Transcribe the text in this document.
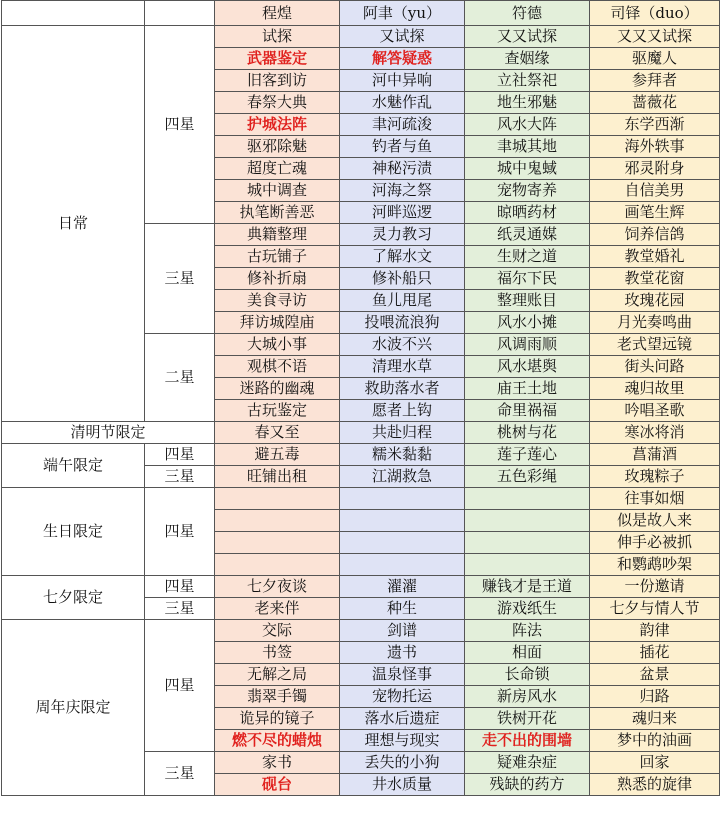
		程煌	阿聿（yu）	符德	司铎（duo）
日常	四星	试探	又试探	又又试探	又又又试探
		武器鉴定	解答疑惑	查姻缘	驱魔人
		旧客到访	河中异响	立社祭祀	参拜者
		春祭大典	水魅作乱	地生邪魅	蔷薇花
		护城法阵	聿河疏浚	风水大阵	东学西渐
		驱邪除魅	钓者与鱼	聿城其地	海外轶事
		超度亡魂	神秘污渍	城中鬼蜮	邪灵附身
		城中调查	河海之祭	宠物寄养	自信美男
		执笔断善恶	河畔巡逻	晾晒药材	画笔生辉
	三星	典籍整理	灵力教习	纸灵通媒	饲养信鸽
		古玩铺子	了解水文	生财之道	教堂婚礼
		修补折扇	修补船只	福尔下民	教堂花窗
		美食寻访	鱼儿甩尾	整理账目	玫瑰花园
		拜访城隍庙	投喂流浪狗	风水小摊	月光奏鸣曲
	二星	大城小事	水波不兴	风调雨顺	老式望远镜
		观棋不语	清理水草	风水堪舆	街头问路
		迷路的幽魂	救助落水者	庙王土地	魂归故里
		古玩鉴定	愿者上钩	命里祸福	吟唱圣歌
清明节限定		春又至	共赴归程	桃树与花	寒冰将消
端午限定	四星	避五毒	糯米黏黏	莲子莲心	菖蒲酒
	三星	旺铺出租	江湖救急	五色彩绳	玫瑰粽子
生日限定	四星				往事如烟
					似是故人来
					伸手必被抓
					和鹦鹉吵架
七夕限定	四星	七夕夜谈	濯濯	赚钱才是王道	一份邀请
	三星	老来伴	种生	游戏纸生	七夕与情人节
周年庆限定	四星	交际	剑谱	阵法	韵律
		书签	遗书	相面	插花
		无解之局	温泉怪事	长命锁	盆景
		翡翠手镯	宠物托运	新房风水	归路
		诡异的镜子	落水后遗症	铁树开花	魂归来
		燃不尽的蜡烛	理想与现实	走不出的围墙	梦中的油画
	三星	家书	丢失的小狗	疑难杂症	回家
		砚台	井水质量	残缺的药方	熟悉的旋律
